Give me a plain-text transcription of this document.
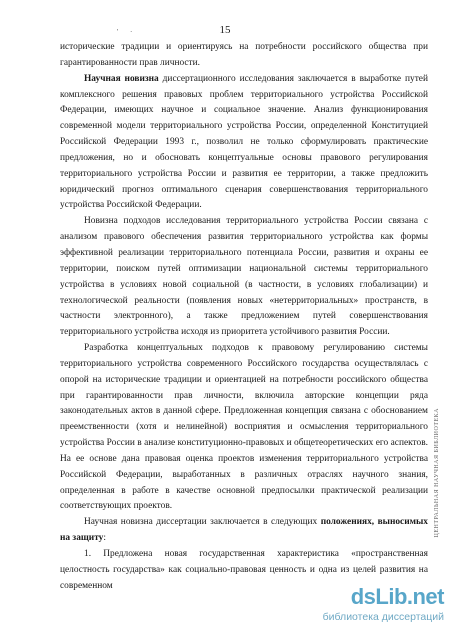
15
' ·

исторические традиции и ориентируясь на потребности российского общества при гарантированности прав личности.

Научная новизна диссертационного исследования заключается в выработке путей комплексного решения правовых проблем территориального устройства Российской Федерации, имеющих научное и социальное значение. Анализ функционирования современной модели территориального устройства России, определенной Конституцией Российской Федерации 1993 г., позволил не только сформулировать практические предложения, но и обосновать концептуальные основы правового регулирования территориального устройства России и развития ее территории, а также предложить юридический прогноз оптимального сценария совершенствования территориального устройства Российской Федерации.

Новизна подходов исследования территориального устройства России связана с анализом правового обеспечения развития территориального устройства как формы эффективной реализации территориального потенциала России, развития и охраны ее территории, поиском путей оптимизации национальной системы территориального устройства в условиях новой социальной (в частности, в условиях глобализации) и технологической реальности (появления новых «нетерриториальных» пространств, в частности электронного), а также предложением путей совершенствования территориального устройства исходя из приоритета устойчивого развития России.

Разработка концептуальных подходов к правовому регулированию системы территориального устройства современного Российского государства осуществлялась с опорой на исторические традиции и ориентацией на потребности российского общества при гарантированности прав личности, включила авторские концепции ряда законодательных актов в данной сфере. Предложенная концепция связана с обоснованием преемственности (хотя и нелинейной) восприятия и осмысления территориального устройства России в анализе конституционно-правовых и общетеоретических его аспектов. На ее основе дана правовая оценка проектов изменения территориального устройства Российской Федерации, выработанных в различных отраслях научного знания, определенная в работе в качестве основной предпосылки практической реализации соответствующих проектов.

Научная новизна диссертации заключается в следующих положениях, выносимых на защиту:

1. Предложена новая государственная характеристика «пространственная целостность государства» как социально-правовая ценность и одна из целей развития на современном

ЦЕНТРАЛЬНАЯ НАУЧНАЯ БИБЛИОТЕКА
dsLib.net
библиотека диссертаций
